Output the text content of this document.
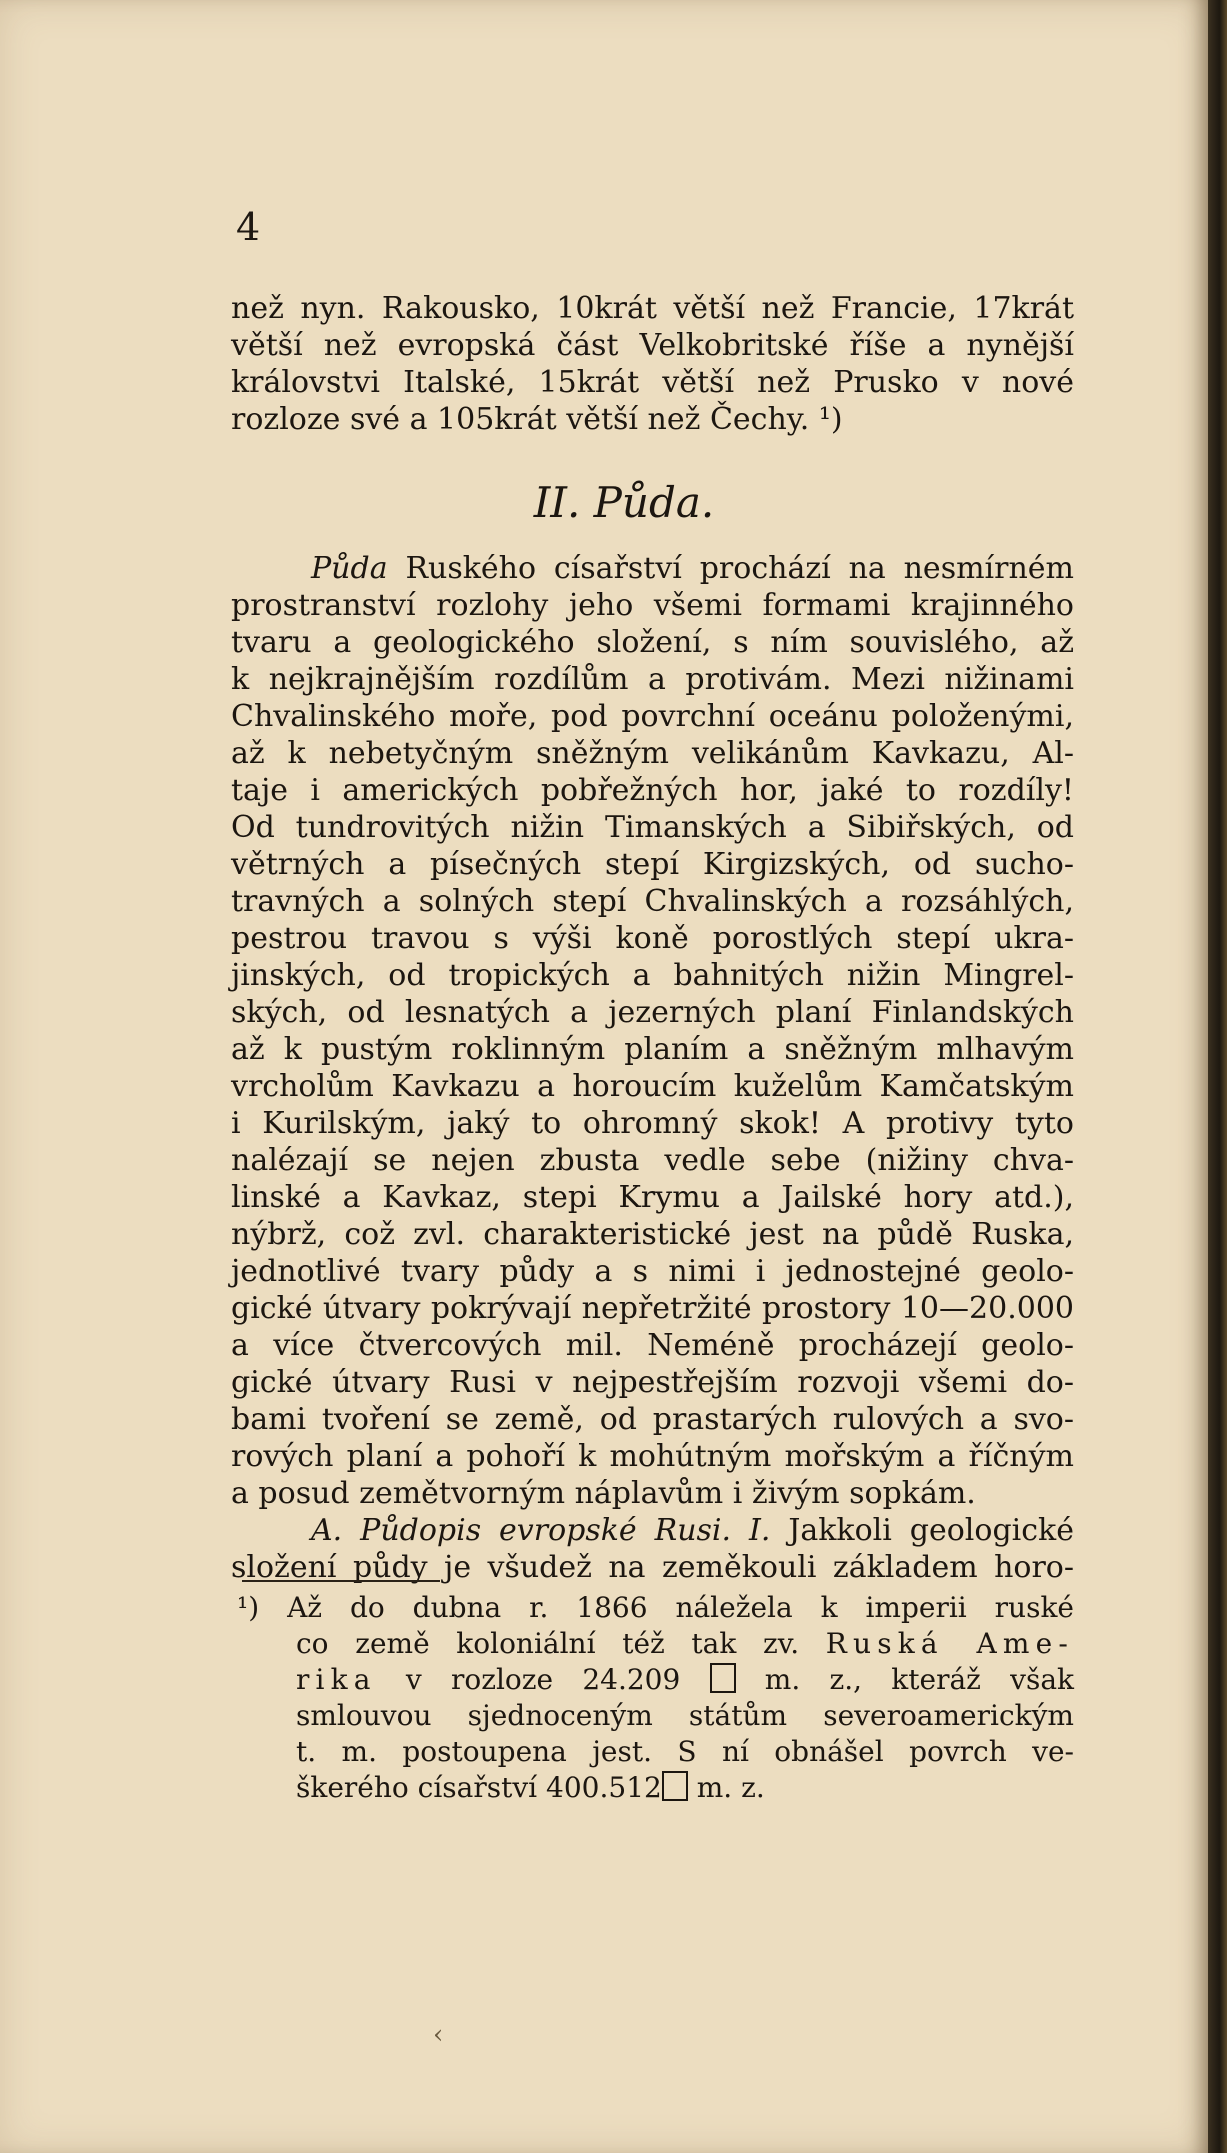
4
než nyn. Rakousko, 10krát větší než Francie, 17krát
větší než evropská část Velkobritské říše a nynější
královstvi Italské, 15krát větší než Prusko v nové
rozloze své a 105krát větší než Čechy. ¹)
II. Půda.
Půda Ruského císařství prochází na nesmírném
prostranství rozlohy jeho všemi formami krajinného
tvaru a geologického složení, s ním souvislého, až
k nejkrajnějším rozdílům a protivám. Mezi nižinami
Chvalinského moře, pod povrchní oceánu položenými,
až k nebetyčným sněžným velikánům Kavkazu, Al-
taje i amerických pobřežných hor, jaké to rozdíly!
Od tundrovitých nižin Timanských a Sibiřských, od
větrných a písečných stepí Kirgizských, od sucho-
travných a solných stepí Chvalinských a rozsáhlých,
pestrou travou s výši koně porostlých stepí ukra-
jinských, od tropických a bahnitých nižin Mingrel-
ských, od lesnatých a jezerných planí Finlandských
až k pustým roklinným planím a sněžným mlhavým
vrcholům Kavkazu a horoucím kuželům Kamčatským
i Kurilským, jaký to ohromný skok! A protivy tyto
nalézají se nejen zbusta vedle sebe (nižiny chva-
linské a Kavkaz, stepi Krymu a Jailské hory atd.),
nýbrž, což zvl. charakteristické jest na půdě Ruska,
jednotlivé tvary půdy a s nimi i jednostejné geolo-
gické útvary pokrývají nepřetržité prostory 10—20.000
a více čtvercových mil. Neméně procházejí geolo-
gické útvary Rusi v nejpestřejším rozvoji všemi do-
bami tvoření se země, od prastarých rulových a svo-
rových planí a pohoří k mohútným mořským a říčným
a posud zemětvorným náplavům i živým sopkám.
A. Půdopis evropské Rusi. I. Jakkoli geologické
složení půdy je všudež na zeměkouli základem horo-
¹) Až do dubna r. 1866 náležela k imperii ruské
co země koloniální též tak zv. Ruská Ame-
rika v rozloze 24.209  m. z., kteráž však
smlouvou sjednoceným státům severoamerickým
t. m. postoupena jest. S ní obnášel povrch ve-
škerého císařství 400.512 m. z.
‹
